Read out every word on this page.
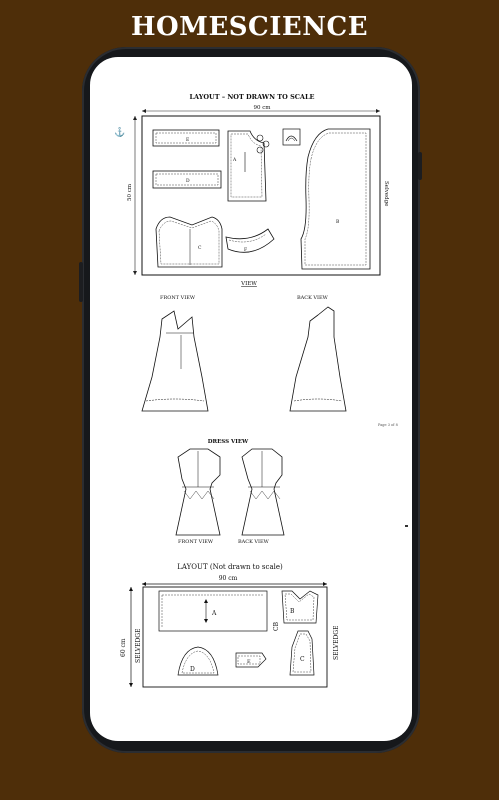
HOMESCIENCE
LAYOUT – NOT DRAWN TO SCALE
90 cm
50 cm
⚓
Selvedge
E
D
A
B
C	F
VIEW
FRONT VIEW	BACK VIEW
Page 3 of 8
DRESS VIEW
FRONT VIEW	BACK VIEW
LAYOUT (Not drawn to scale)
90 cm
60 cm SELVEDGE	SELVEDGE
A
CB
B
C
D
E
